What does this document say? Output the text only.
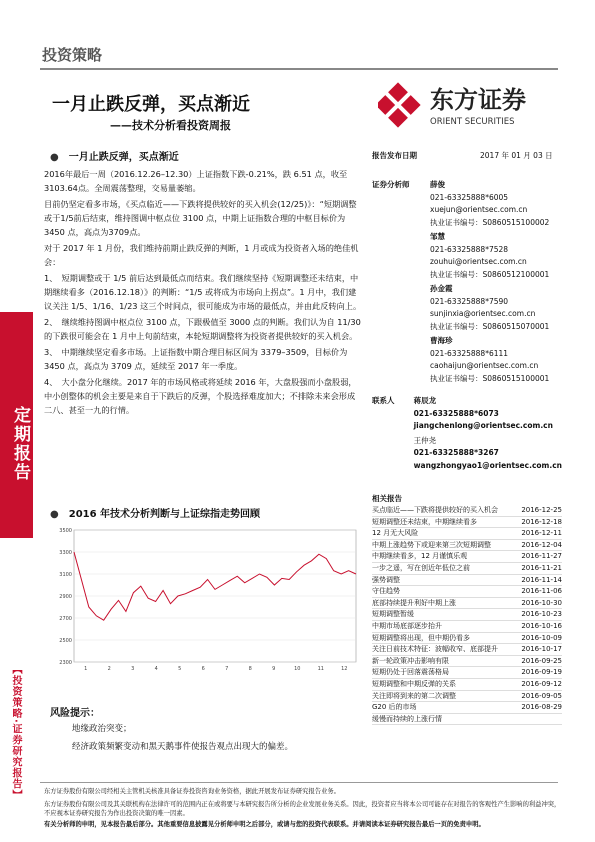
投资策略
一月止跌反弹，买点渐近
——技术分析看投资周报
东方证券
ORIENT SECURITIES
定期报告
【投资策略·证券研究报告】
● 一月止跌反弹，买点渐近

2016年最后一周（2016.12.26–12.30）上证指数下跌-0.21%，跌 6.51 点，收至 3103.64点。全周震荡整理，交易量萎缩。

目前仍坚定看多市场，《买点临近——下跌将提供较好的买入机会(12/25)》：“短期调整或于1/5前后结束，维持图调中枢点位 3100 点，中期上证指数合理的中枢目标价为 3450 点，高点为3709点。

对于 2017 年 1 月份，我们维持前期止跌反弹的判断，1 月或成为投资者入场的绝佳机会：

1、　短期调整或于 1/5 前后达到最低点而结束。我们继续坚持《短期调整还未结束，中期继续看多（2016.12.18）》的判断：“1/5 或将成为市场向上拐点”。1 月中，我们建议关注 1/5、1/16、1/23 这三个时间点，很可能成为市场的最低点，并由此反转向上。

2、　继续维持图调中枢点位 3100 点，下跟极值至 3000 点的判断。我们认为自 11/30 的下跌很可能会在 1 月中上旬前结束，本轮短期调整将为投资者提供较好的买入机会。

3、　中期继续坚定看多市场。上证指数中期合理目标区间为 3379–3509，目标价为 3450 点，高点为 3709 点，延续至 2017 年一季度。

4、　大小盘分化继续。2017 年的市场风格或将延续 2016 年，大盘股强而小盘股弱，中小创整体的机会主要是来自于下跌后的反弹，个股选择难度加大；不排除未来会形成二八、甚至一九的行情。

● 2016 年技术分析判断与上证综指走势回顾
2300
2500
2700
2900
3100
3300
3500
1	2	3	4	5	6	7	8	9	10	11	12
风险提示：
地缘政治突变；
经济政策频繁变动和黑天鹅事件使报告观点出现大的偏差。
报告发布日期	2017 年 01 月 03 日
证券分析师	薛俊
021-63325888*6005
xuejun@orientsec.com.cn
执业证书编号：S0860515100002
邹慧
021-63325888*7528
zouhui@orientsec.com.cn
执业证书编号：S0860512100001
孙金霞
021-63325888*7590
sunjinxia@orientsec.com.cn
执业证书编号：S0860515070001
曹海珍
021-63325888*6111
caohaijun@orientsec.com.cn
执业证书编号：S0860515100001
联系人	蒋辰龙
021-63325888*6073
jiangchenlong@orientsec.com.cn
王仲尧
021-63325888*3267
wangzhongyao1@orientsec.com.cn
相关报告
买点临近——下跌将提供较好的买入机会	2016-12-25
短期调整还未结束，中期继续看多	2016-12-18
12 月无大风险	2016-12-11
中期上涨趋势下或迎来第三次短期调整	2016-12-04
中期继续看多，12 月谨慎乐观	2016-11-27
一步之遥，写在创近年低位之前	2016-11-21
强势调整	2016-11-14
守住趋势	2016-11-06
底部持续提升利好中期上涨	2016-10-30
短期调整暂缓	2016-10-23
中期市场底部逐步抬升	2016-10-16
短期调整将出现，但中期仍看多	2016-10-09
关注日前技术特征：波幅收窄、底部提升	2016-10-17
新一轮政策冲击影响有限	2016-09-25
短期仍处于回落震荡格局	2016-09-19
短期调整和中期反弹的关系	2016-09-12
关注即将到来的第二次调整	2016-09-05
G20 后的市场	2016-08-29
缓慢而持续的上涨行情
东方证券股份有限公司经相关主管机关核准具备证券投资咨询业务资格，据此开展发布证券研究报告业务。
东方证券股份有限公司及其关联机构在法律许可的范围内正在或将要与本研究报告所分析的企业发展业务关系。因此，投资者应当将本公司可能存在对报告的客观性产生影响的利益冲突，不应视本证券研究报告为作出投资决策的唯一因素。
有关分析师的申明，见本报告最后部分。其他重要信息披露见分析师申明之后部分，或请与您的投资代表联系。并请阅读本证券研究报告最后一页的免责申明。
